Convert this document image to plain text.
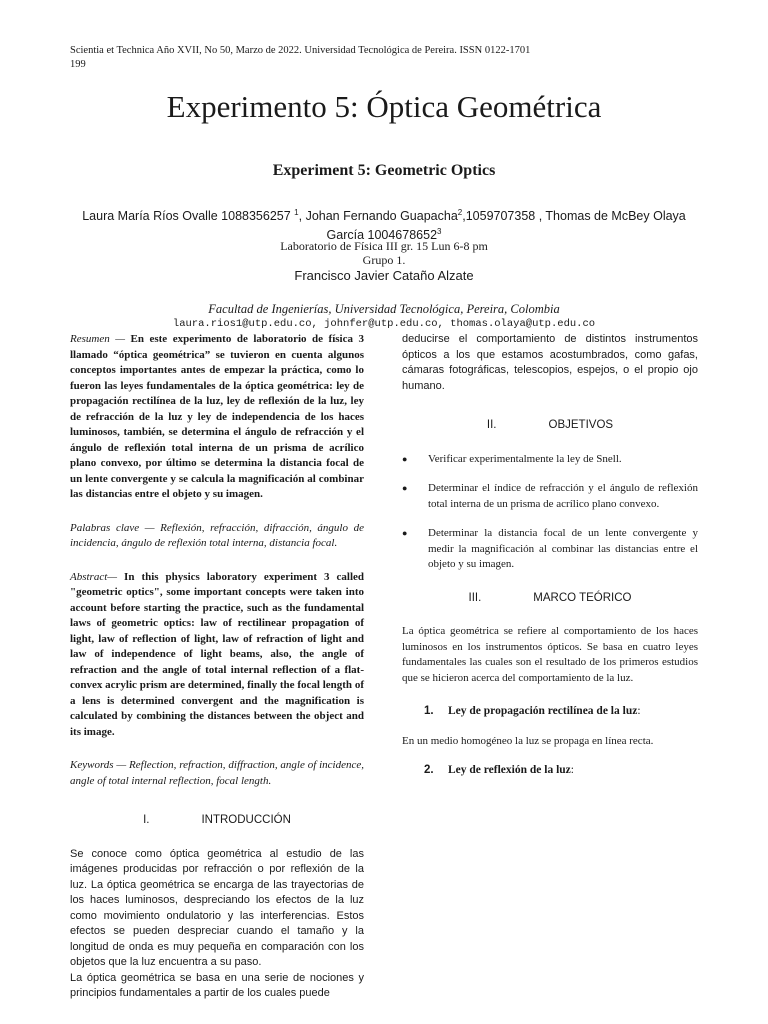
Scientia et Technica Año XVII, No 50, Marzo de 2022. Universidad Tecnológica de Pereira. ISSN 0122-1701
199
Experimento 5: Óptica Geométrica
Experiment 5: Geometric Optics
Laura María Ríos Ovalle 1088356257 $^1$, Johan Fernando Guapacha$^2$,1059707358 , Thomas de McBey Olaya
García 1004678652$^3$
Laboratorio de Física III gr. 15 Lun 6-8 pm
Grupo 1.
Francisco Javier Cataño Alzate
Facultad de Ingenierías, Universidad Tecnológica, Pereira, Colombia
laura.rios1@utp.edu.co, johnfer@utp.edu.co, thomas.olaya@utp.edu.co

Resumen — En este experimento de laboratorio de física 3 llamado “óptica geométrica” se tuvieron en cuenta algunos conceptos importantes antes de empezar la práctica, como lo fueron las leyes fundamentales de la óptica geométrica: ley de propagación rectilínea de la luz, ley de reflexión de la luz, ley de refracción de la luz y ley de independencia de los haces luminosos, también, se determina el ángulo de refracción y el ángulo de reflexión total interna de un prisma de acrílico plano convexo, por último se determina la distancia focal de un lente convergente y se calcula la magnificación al combinar las distancias entre el objeto y su imagen.

Palabras clave — Reflexión, refracción, difracción, ángulo de incidencia, ángulo de reflexión total interna, distancia focal.

Abstract— In this physics laboratory experiment 3 called "geometric optics", some important concepts were taken into account before starting the practice, such as the fundamental laws of geometric optics: law of rectilinear propagation of light, law of reflection of light, law of refraction of light and law of independence of light beams, also, the angle of refraction and the angle of total internal reflection of a flat-convex acrylic prism are determined, finally the focal length of a lens is determined convergent and the magnification is calculated by combining the distances between the object and its image.

Keywords — Reflection, refraction, diffraction, angle of incidence, angle of total internal reflection, focal length.

I.	INTRODUCCIÓN

Se conoce como óptica geométrica al estudio de las imágenes producidas por refracción o por reflexión de la luz. La óptica geométrica se encarga de las trayectorias de los haces luminosos, despreciando los efectos de la luz como movimiento ondulatorio y las interferencias. Estos efectos se pueden despreciar cuando el tamaño y la longitud de onda es muy pequeña en comparación con los objetos que la luz encuentra a su paso.

La óptica geométrica se basa en una serie de nociones y principios fundamentales a partir de los cuales puede

deducirse el comportamiento de distintos instrumentos ópticos a los que estamos acostumbrados, como gafas, cámaras fotográficas, telescopios, espejos, o el propio ojo humano.

II.	OBJETIVOS
●	Verificar experimentalmente la ley de Snell.
●	Determinar el índice de refracción y el ángulo de reflexión total interna de un prisma de acrílico plano convexo.
●	Determinar la distancia focal de un lente convergente y medir la magnificación al combinar las distancias entre el objeto y su imagen.
III.	MARCO TEÓRICO

La óptica geométrica se refiere al comportamiento de los haces luminosos en los instrumentos ópticos. Se basa en cuatro leyes fundamentales las cuales son el resultado de los primeros estudios que se hicieron acerca del comportamiento de la luz.

1.	Ley de propagación rectilínea de la luz:

En un medio homogéneo la luz se propaga en línea recta.

2.	Ley de reflexión de la luz:
